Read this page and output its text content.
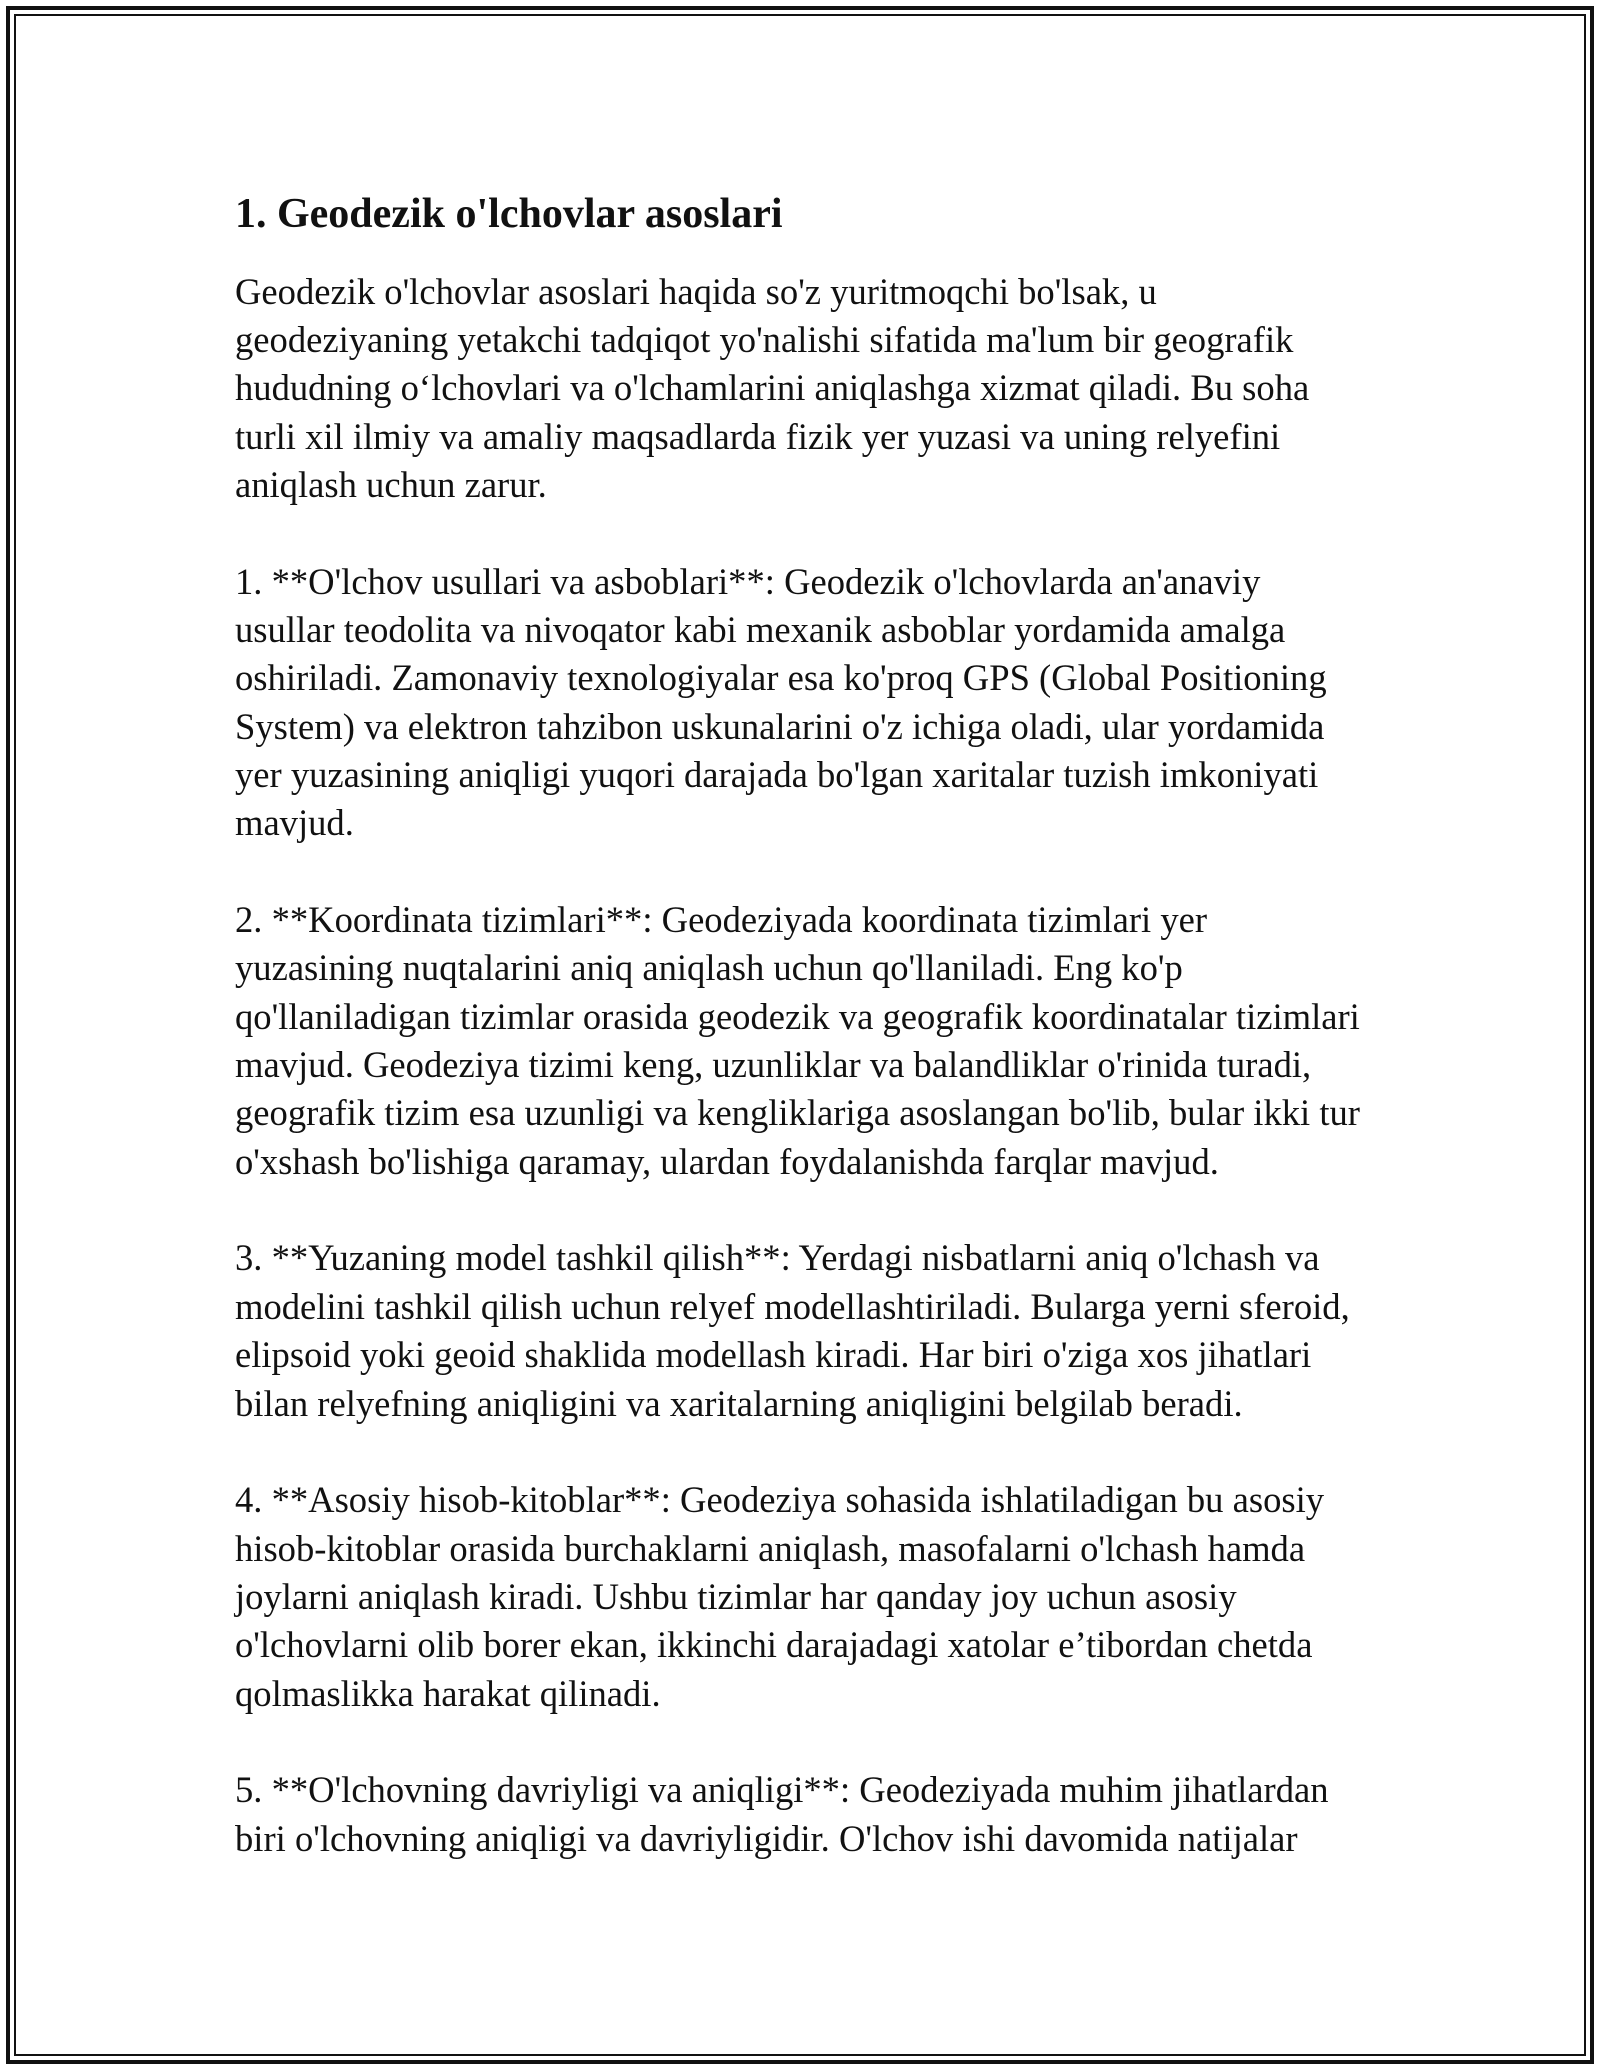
1. Geodezik o'lchovlar asoslari
Geodezik o'lchovlar asoslari haqida so'z yuritmoqchi bo'lsak, u
geodeziyaning yetakchi tadqiqot yo'nalishi sifatida ma'lum bir geografik
hududning o‘lchovlari va o'lchamlarini aniqlashga xizmat qiladi. Bu soha
turli xil ilmiy va amaliy maqsadlarda fizik yer yuzasi va uning relyefini
aniqlash uchun zarur.
1. **O'lchov usullari va asboblari**: Geodezik o'lchovlarda an'anaviy
usullar teodolita va nivoqator kabi mexanik asboblar yordamida amalga
oshiriladi. Zamonaviy texnologiyalar esa ko'proq GPS (Global Positioning
System) va elektron tahzibon uskunalarini o'z ichiga oladi, ular yordamida
yer yuzasining aniqligi yuqori darajada bo'lgan xaritalar tuzish imkoniyati
mavjud.
2. **Koordinata tizimlari**: Geodeziyada koordinata tizimlari yer
yuzasining nuqtalarini aniq aniqlash uchun qo'llaniladi. Eng ko'p
qo'llaniladigan tizimlar orasida geodezik va geografik koordinatalar tizimlari
mavjud. Geodeziya tizimi keng, uzunliklar va balandliklar o'rinida turadi,
geografik tizim esa uzunligi va kengliklariga asoslangan bo'lib, bular ikki tur
o'xshash bo'lishiga qaramay, ulardan foydalanishda farqlar mavjud.
3. **Yuzaning model tashkil qilish**: Yerdagi nisbatlarni aniq o'lchash va
modelini tashkil qilish uchun relyef modellashtiriladi. Bularga yerni sferoid,
elipsoid yoki geoid shaklida modellash kiradi. Har biri o'ziga xos jihatlari
bilan relyefning aniqligini va xaritalarning aniqligini belgilab beradi.
4. **Asosiy hisob-kitoblar**: Geodeziya sohasida ishlatiladigan bu asosiy
hisob-kitoblar orasida burchaklarni aniqlash, masofalarni o'lchash hamda
joylarni aniqlash kiradi. Ushbu tizimlar har qanday joy uchun asosiy
o'lchovlarni olib borer ekan, ikkinchi darajadagi xatolar e’tibordan chetda
qolmaslikka harakat qilinadi.
5. **O'lchovning davriyligi va aniqligi**: Geodeziyada muhim jihatlardan
biri o'lchovning aniqligi va davriyligidir. O'lchov ishi davomida natijalar
